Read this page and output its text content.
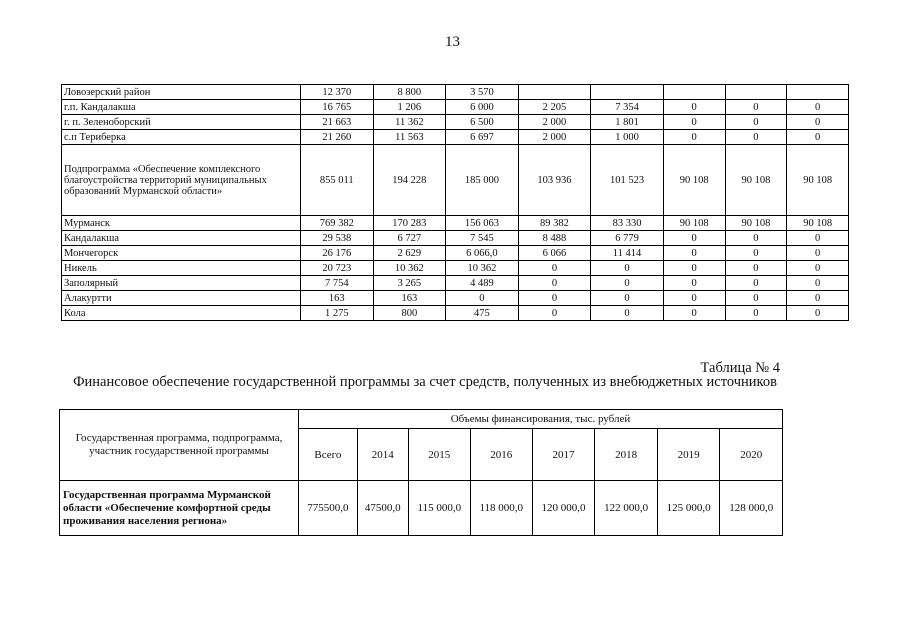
13
Ловозерский район	12 370	8 800	3 570					
г.п. Кандалакша	16 765	1 206	6 000	2 205	7 354	0	0	0
г. п. Зеленоборский	21 663	11 362	6 500	2 000	1 801	0	0	0
с.п Териберка	21 260	11 563	6 697	2 000	1 000	0	0	0
Подпрограмма «Обеспечение комплексного благоустройства территорий муниципальных образований Мурманской области»	855 011	194 228	185 000	103 936	101 523	90 108	90 108	90 108
Мурманск	769 382	170 283	156 063	89 382	83 330	90 108	90 108	90 108
Кандалакша	29 538	6 727	7 545	8 488	6 779	0	0	0
Мончегорск	26 176	2 629	6 066,0	6 066	11 414	0	0	0
Никель	20 723	10 362	10 362	0	0	0	0	0
Заполярный	7 754	3 265	4 489	0	0	0	0	0
Алакуртти	163	163	0	0	0	0	0	0
Кола	1 275	800	475	0	0	0	0	0
Таблица № 4
Финансовое обеспечение государственной программы за счет средств, полученных из внебюджетных источников
Государственная программа, подпрограмма, участник государственной программы	Объемы финансирования, тыс. рублей							
	Всего	2014	2015	2016	2017	2018	2019	2020
Государственная программа Мурманской области «Обеспечение комфортной среды проживания населения региона»	775500,0	47500,0	115 000,0	118 000,0	120 000,0	122 000,0	125 000,0	128 000,0
